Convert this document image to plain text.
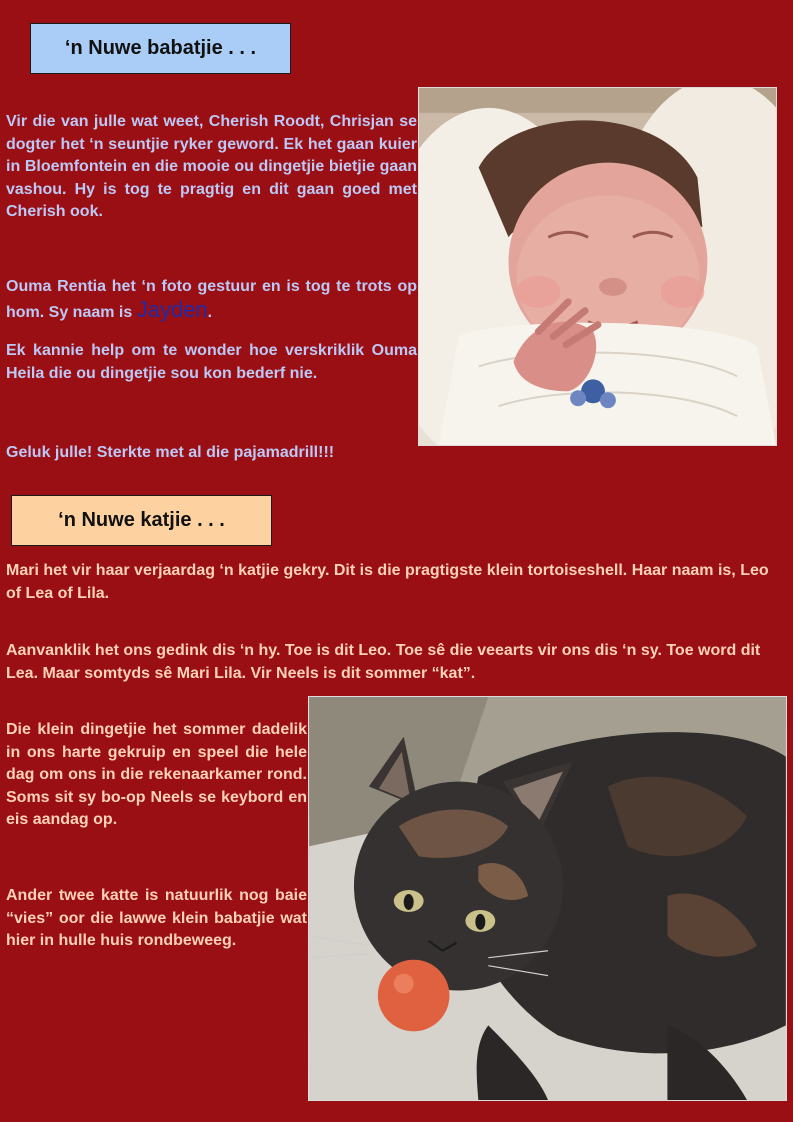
‘n Nuwe babatjie . . .

Vir die van julle wat weet, Cherish Roodt, Chrisjan se dogter het ‘n seuntjie ryker geword. Ek het gaan kuier in Bloemfontein en die mooie ou dingetjie bietjie gaan vashou. Hy is tog te pragtig en dit gaan goed met Cherish ook.

Ouma Rentia het ‘n foto gestuur en is tog te trots op hom. Sy naam is Jayden.

Ek kannie help om te wonder hoe verskriklik Ouma Heila die ou dingetjie sou kon bederf nie.

Geluk julle! Sterkte met al die pajamadrill!!!

‘n Nuwe katjie . . .

Mari het vir haar verjaardag ‘n katjie gekry. Dit is die pragtigste klein tortoiseshell. Haar naam is, Leo of Lea of Lila.

Aanvanklik het ons gedink dis ‘n hy. Toe is dit Leo. Toe sê die veearts vir ons dis ‘n sy. Toe word dit Lea. Maar somtyds sê Mari Lila. Vir Neels is dit sommer “kat”.

Die klein dingetjie het sommer dadelik in ons harte gekruip en speel die hele dag om ons in die rekenaarkamer rond. Soms sit sy bo-op Neels se keybord en eis aandag op.

Ander twee katte is natuurlik nog baie “vies” oor die lawwe klein babatjie wat hier in hulle huis rondbeweeg.
